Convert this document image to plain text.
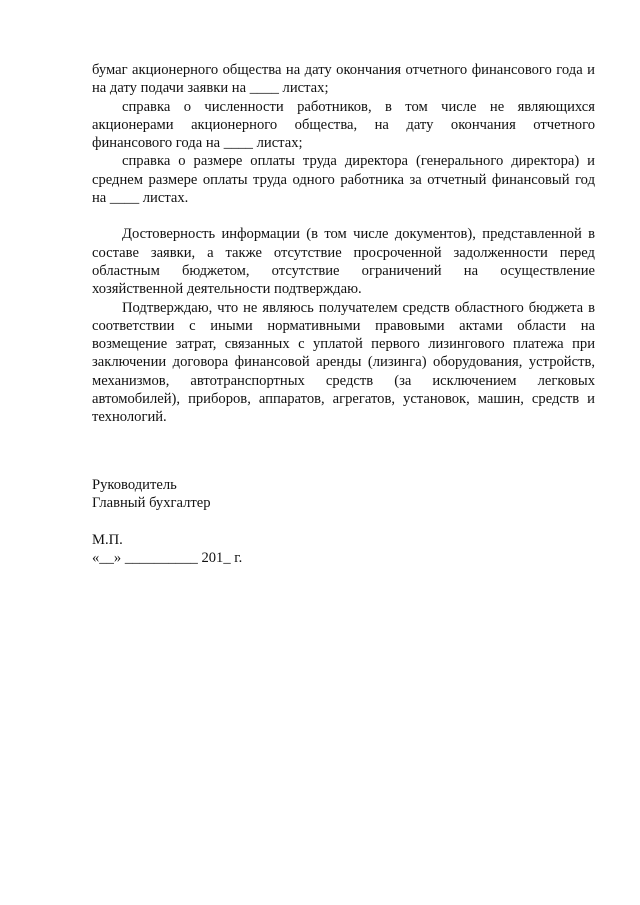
бумаг акционерного общества на дату окончания отчетного финансового года и на дату подачи заявки на ____ листах;

справка о численности работников, в том числе не являющихся акционерами акционерного общества, на дату окончания отчетного финансового года на ____ листах;

справка о размере оплаты труда директора (генерального директора) и среднем размере оплаты труда одного работника за отчетный финансовый год на ____ листах.

Достоверность информации (в том числе документов), представленной в составе заявки, а также отсутствие просроченной задолженности перед областным бюджетом, отсутствие ограничений на осуществление хозяйственной деятельности подтверждаю.

Подтверждаю, что не являюсь получателем средств областного бюджета в соответствии с иными нормативными правовыми актами области на возмещение затрат, связанных с уплатой первого лизингового платежа при заключении договора финансовой аренды (лизинга) оборудования, устройств, механизмов, автотранспортных средств (за исключением легковых автомобилей), приборов, аппаратов, агрегатов, установок, машин, средств и технологий.

Руководитель

Главный бухгалтер

М.П.

«__» __________ 201_ г.
